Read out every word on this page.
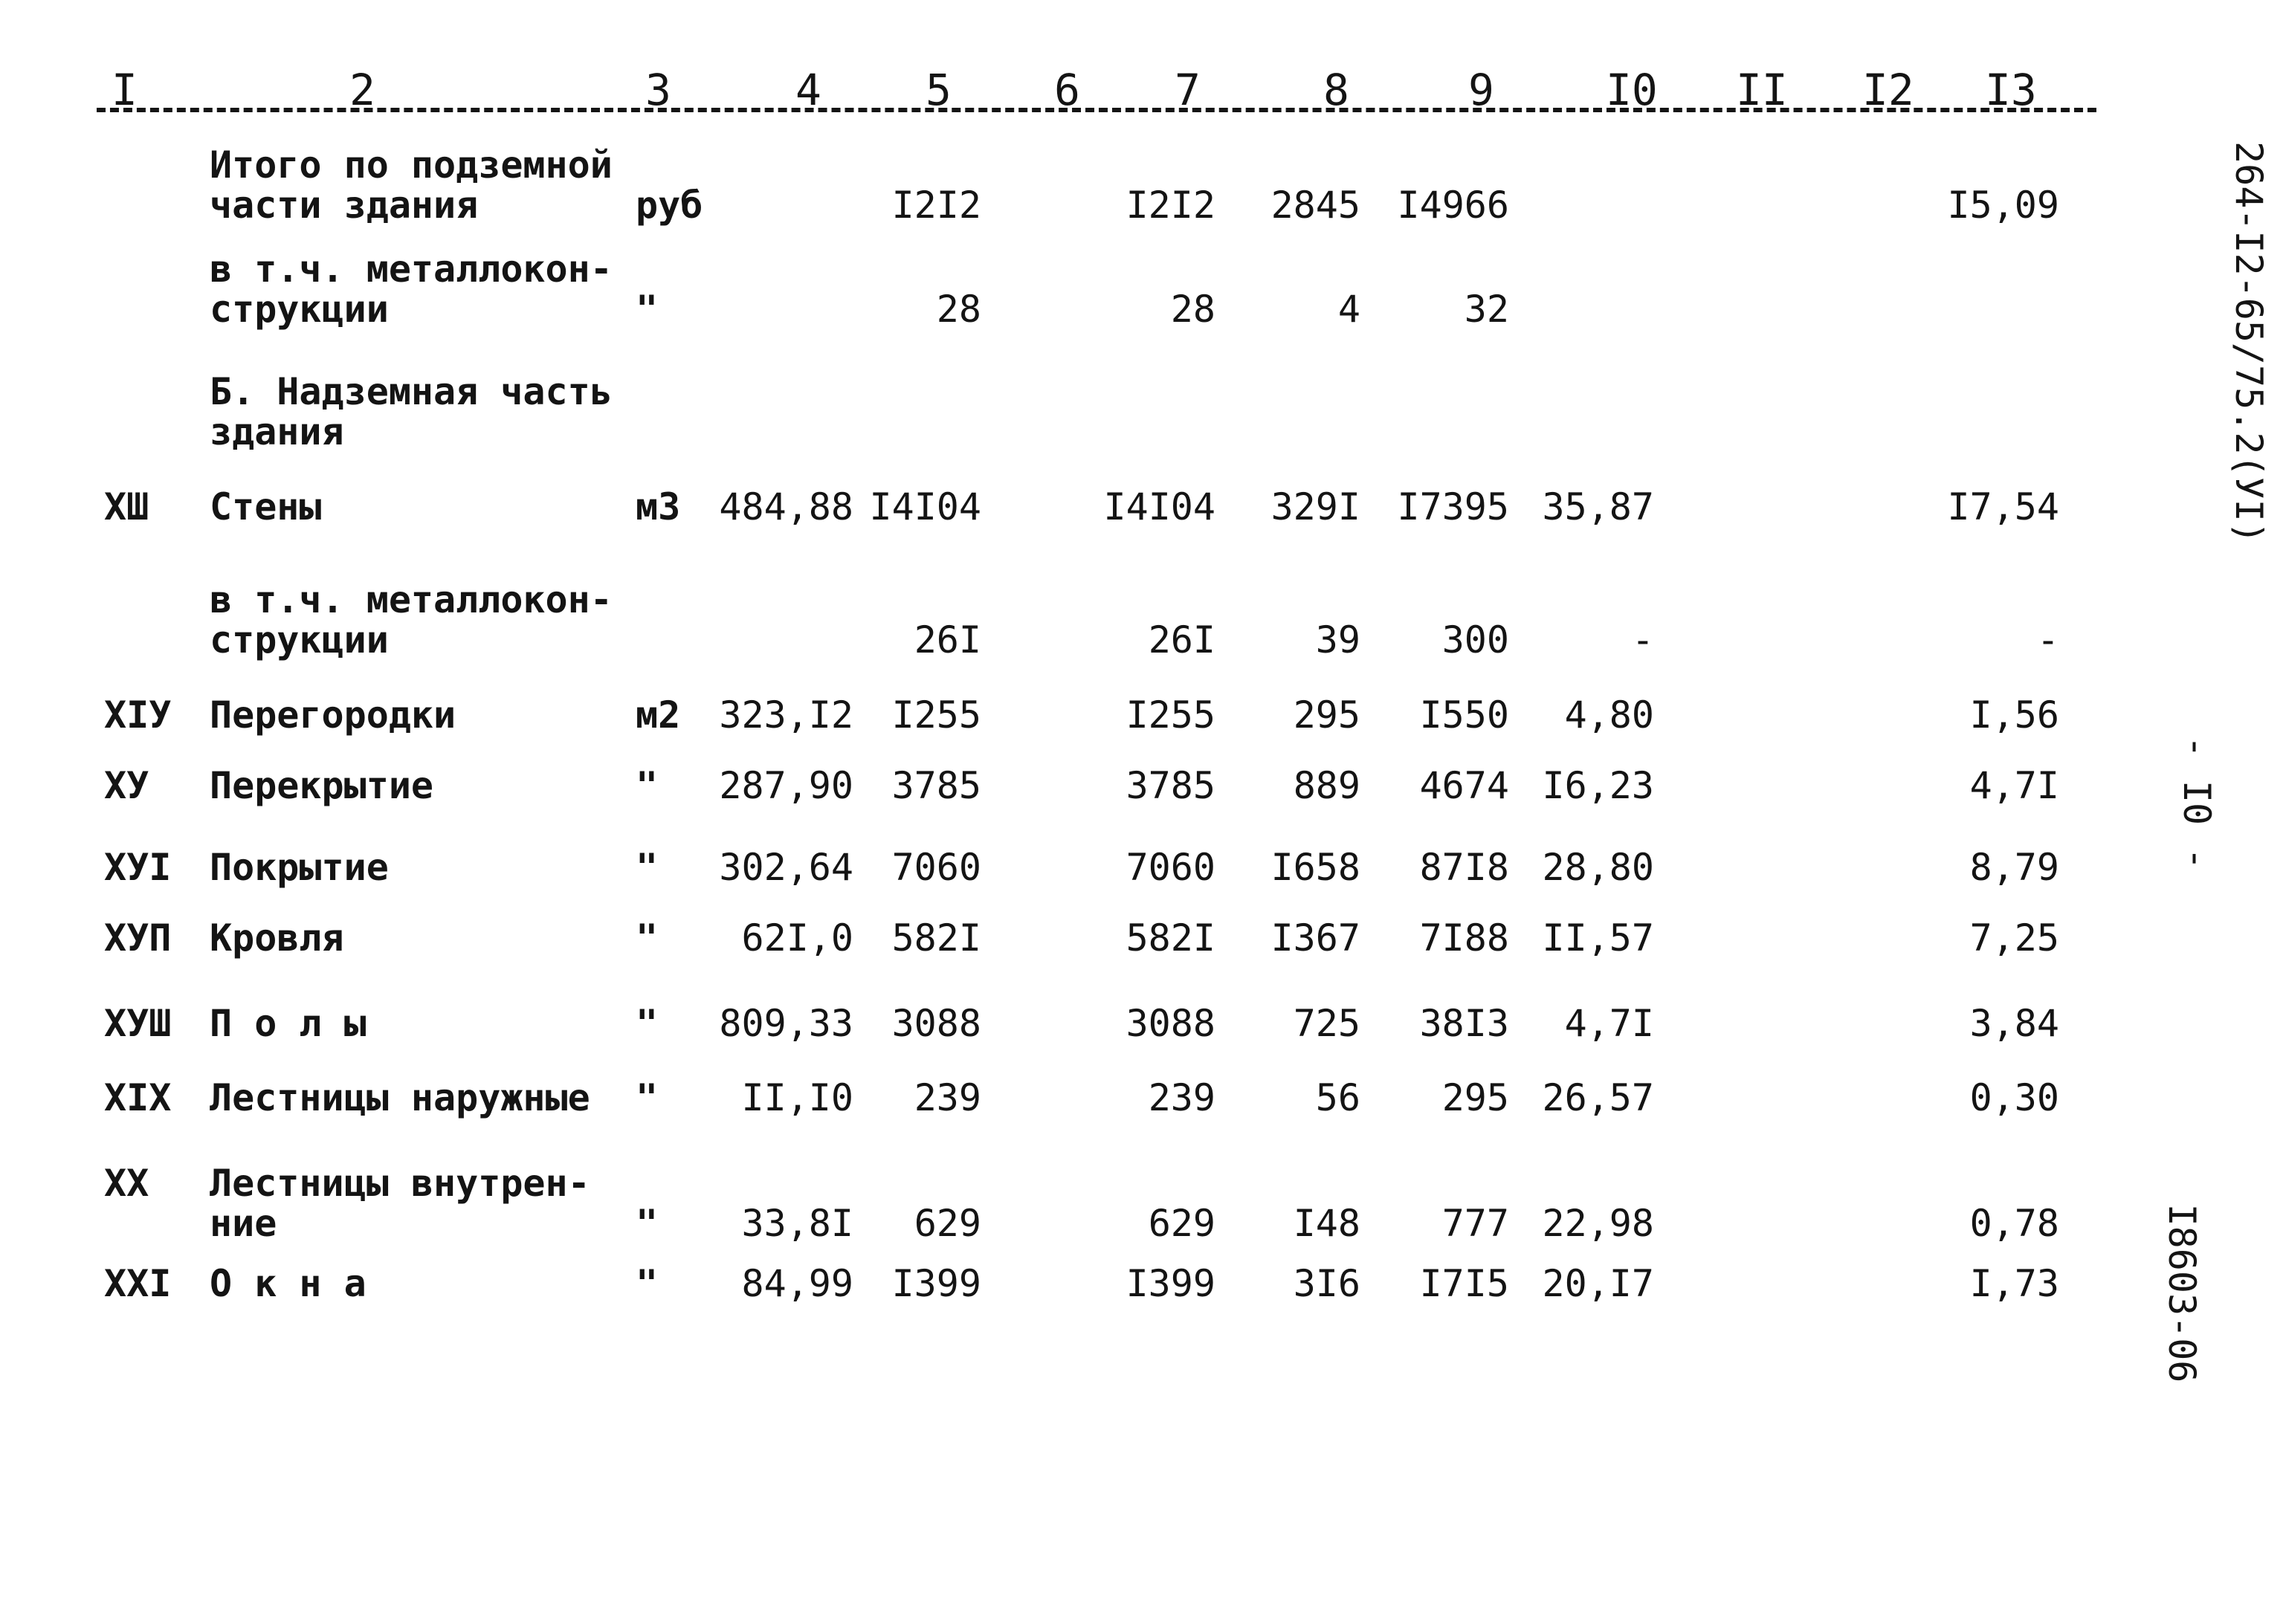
I	2	3	4 5 6 7	8	9	I0 II I2 I3
Итого по подземной
части здания	руб	I2I2	I2I2 2845 I4966	I5,09
в т.ч. металлокон-
струкции	"	28	28	4	32
Б. Надземная часть
здания
XШ Стены	м3 484,88 I4I04	I4I04 329I I7395 35,87	I7,54
в т.ч. металлокон-
струкции	26I	26I	39 300	-	-
XIУ Перегородки	м2 323,I2 I255	I255 295 I550 4,80	I,56
XУ Перекрытие	" 287,90 3785	3785 889 4674 I6,23	4,7I
XУI Покрытие	" 302,64 7060	7060 I658 87I8 28,80	8,79
XУП Кровля	" 62I,0 582I	582I I367 7I88 II,57	7,25
XУШ П о л ы	" 809,33 3088	3088 725 38I3 4,7I	3,84
XIX Лестницы наружные " II,I0 239	239	56 295 26,57	0,30
XX Лестницы внутрен-
ние	" 33,8I 629	629 I48 777 22,98	0,78
XXI О к н а	" 84,99 I399	I399 3I6 I7I5 20,I7	I,73
264-I2-65/75.2(УI)
- I0 -
I8603-06
